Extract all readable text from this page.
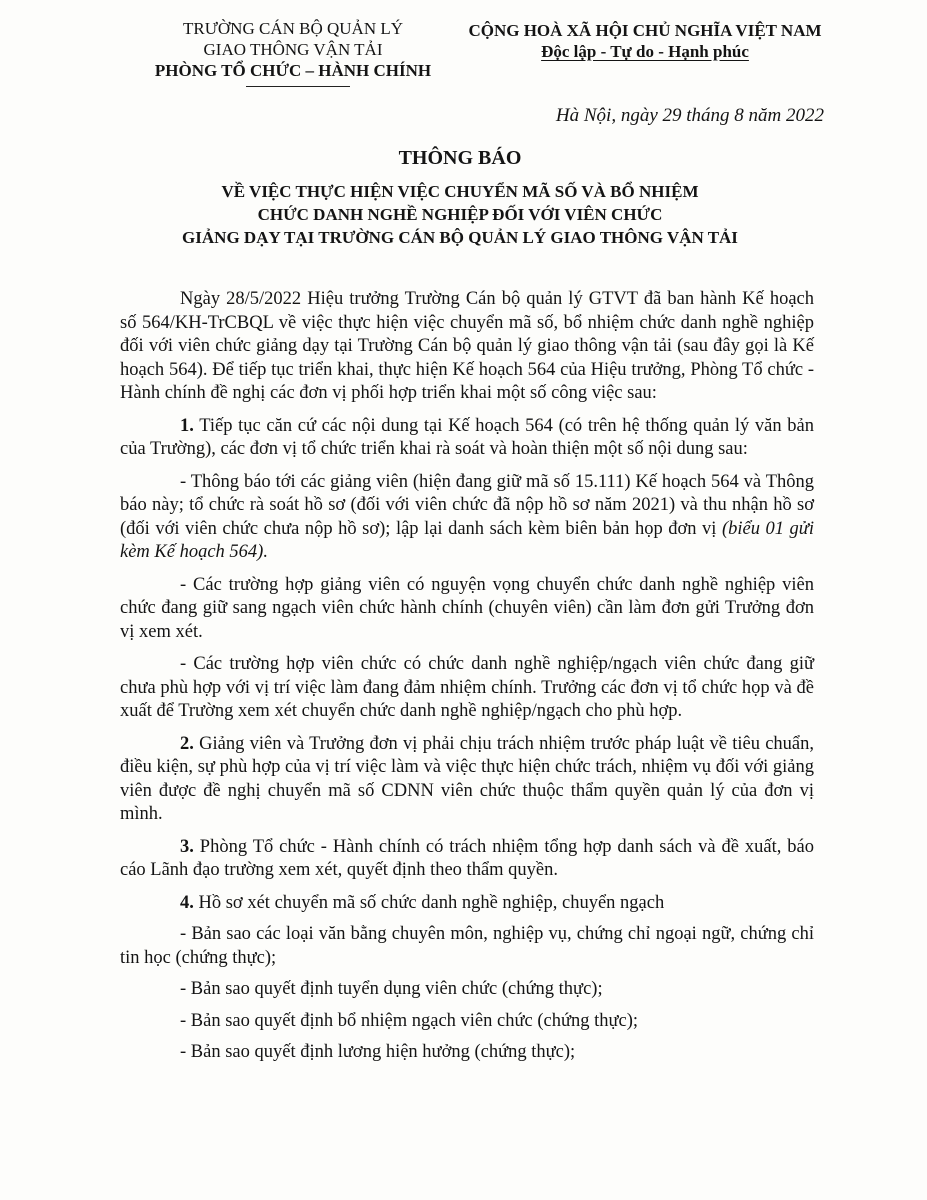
TRƯỜNG CÁN BỘ QUẢN LÝ
GIAO THÔNG VẬN TẢI
PHÒNG TỔ CHỨC – HÀNH CHÍNH
CỘNG HOÀ XÃ HỘI CHỦ NGHĨA VIỆT NAM
Độc lập - Tự do - Hạnh phúc
Hà Nội, ngày 29 tháng 8 năm 2022
THÔNG BÁO
VỀ VIỆC THỰC HIỆN VIỆC CHUYỂN MÃ SỐ VÀ BỔ NHIỆM
CHỨC DANH NGHỀ NGHIỆP ĐỐI VỚI VIÊN CHỨC
GIẢNG DẠY TẠI TRƯỜNG CÁN BỘ QUẢN LÝ GIAO THÔNG VẬN TẢI

Ngày 28/5/2022 Hiệu trưởng Trường Cán bộ quản lý GTVT đã ban hành Kế hoạch số 564/KH-TrCBQL về việc thực hiện việc chuyển mã số, bổ nhiệm chức danh nghề nghiệp đối với viên chức giảng dạy tại Trường Cán bộ quản lý giao thông vận tải (sau đây gọi là Kế hoạch 564). Để tiếp tục triển khai, thực hiện Kế hoạch 564 của Hiệu trưởng, Phòng Tổ chức - Hành chính đề nghị các đơn vị phối hợp triển khai một số công việc sau:

1. Tiếp tục căn cứ các nội dung tại Kế hoạch 564 (có trên hệ thống quản lý văn bản của Trường), các đơn vị tổ chức triển khai rà soát và hoàn thiện một số nội dung sau:

- Thông báo tới các giảng viên (hiện đang giữ mã số 15.111) Kế hoạch 564 và Thông báo này; tổ chức rà soát hồ sơ (đối với viên chức đã nộp hồ sơ năm 2021) và thu nhận hồ sơ (đối với viên chức chưa nộp hồ sơ); lập lại danh sách kèm biên bản họp đơn vị (biểu 01 gửi kèm Kế hoạch 564).

- Các trường hợp giảng viên có nguyện vọng chuyển chức danh nghề nghiệp viên chức đang giữ sang ngạch viên chức hành chính (chuyên viên) cần làm đơn gửi Trưởng đơn vị xem xét.

- Các trường hợp viên chức có chức danh nghề nghiệp/ngạch viên chức đang giữ chưa phù hợp với vị trí việc làm đang đảm nhiệm chính. Trưởng các đơn vị tổ chức họp và đề xuất để Trường xem xét chuyển chức danh nghề nghiệp/ngạch cho phù hợp.

2. Giảng viên và Trưởng đơn vị phải chịu trách nhiệm trước pháp luật về tiêu chuẩn, điều kiện, sự phù hợp của vị trí việc làm và việc thực hiện chức trách, nhiệm vụ đối với giảng viên được đề nghị chuyển mã số CDNN viên chức thuộc thẩm quyền quản lý của đơn vị mình.

3. Phòng Tổ chức - Hành chính có trách nhiệm tổng hợp danh sách và đề xuất, báo cáo Lãnh đạo trường xem xét, quyết định theo thẩm quyền.

4. Hồ sơ xét chuyển mã số chức danh nghề nghiệp, chuyển ngạch

- Bản sao các loại văn bằng chuyên môn, nghiệp vụ, chứng chỉ ngoại ngữ, chứng chỉ tin học (chứng thực);

- Bản sao quyết định tuyển dụng viên chức (chứng thực);

- Bản sao quyết định bổ nhiệm ngạch viên chức (chứng thực);

- Bản sao quyết định lương hiện hưởng (chứng thực);
